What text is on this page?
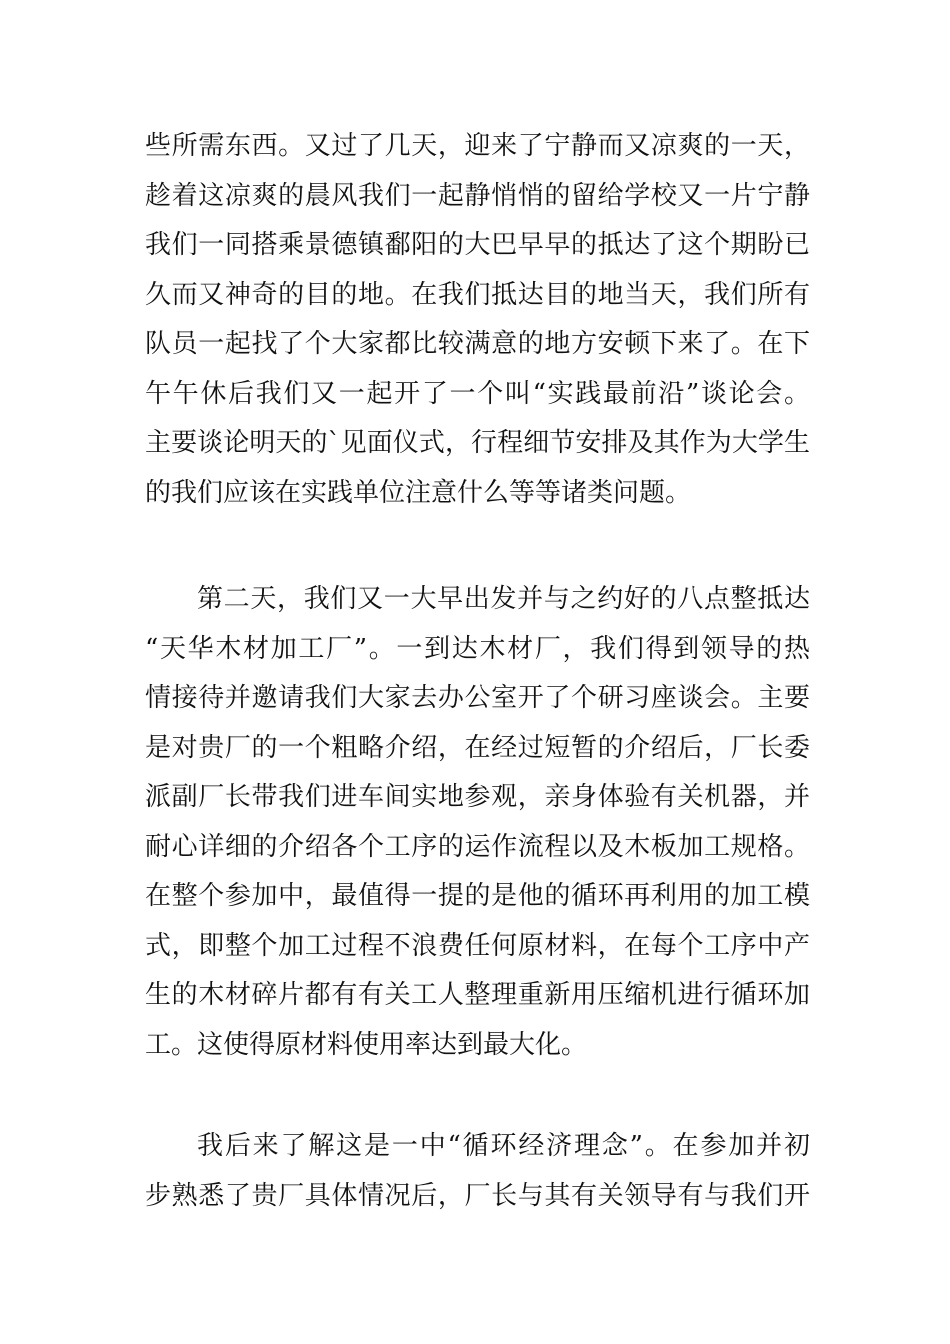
些所需东西。又过了几天，迎来了宁静而又凉爽的一天，
趁着这凉爽的晨风我们一起静悄悄的留给学校又一片宁静
我们一同搭乘景德镇鄱阳的大巴早早的抵达了这个期盼已
久而又神奇的目的地。在我们抵达目的地当天，我们所有
队员一起找了个大家都比较满意的地方安顿下来了。在下
午午休后我们又一起开了一个叫“实践最前沿”谈论会。
主要谈论明天的`见面仪式，行程细节安排及其作为大学生
的我们应该在实践单位注意什么等等诸类问题。
第二天，我们又一大早出发并与之约好的八点整抵达
“天华木材加工厂”。一到达木材厂，我们得到领导的热
情接待并邀请我们大家去办公室开了个研习座谈会。主要
是对贵厂的一个粗略介绍，在经过短暂的介绍后，厂长委
派副厂长带我们进车间实地参观，亲身体验有关机器，并
耐心详细的介绍各个工序的运作流程以及木板加工规格。
在整个参加中，最值得一提的是他的循环再利用的加工模
式，即整个加工过程不浪费任何原材料，在每个工序中产
生的木材碎片都有有关工人整理重新用压缩机进行循环加
工。这使得原材料使用率达到最大化。
我后来了解这是一中“循环经济理念”。在参加并初
步熟悉了贵厂具体情况后，厂长与其有关领导有与我们开
